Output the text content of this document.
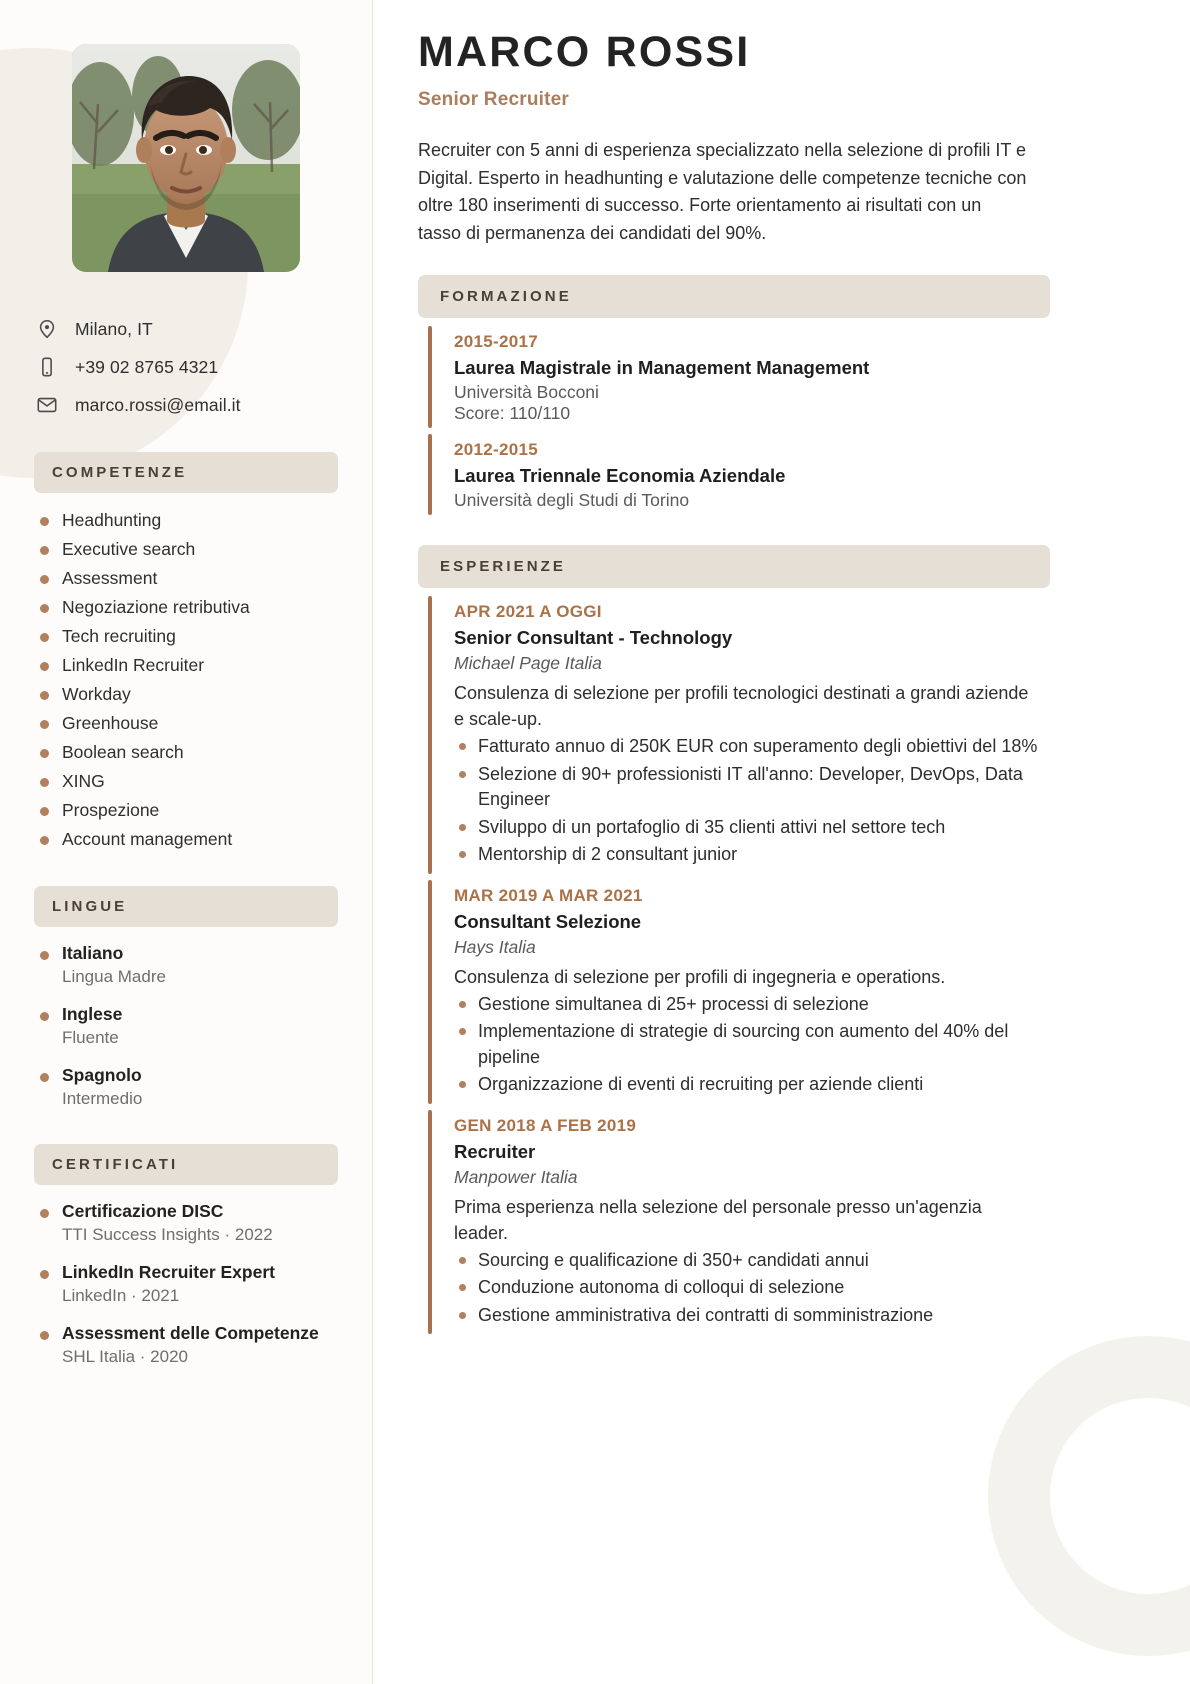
Milano, IT
+39 02 8765 4321
marco.rossi@email.it
COMPETENZE
Headhunting
Executive search
Assessment
Negoziazione retributiva
Tech recruiting
LinkedIn Recruiter
Workday
Greenhouse
Boolean search
XING
Prospezione
Account management
LINGUE
Italiano
Lingua Madre
Inglese
Fluente
Spagnolo
Intermedio
CERTIFICATI
Certificazione DISC
TTI Success Insights · 2022
LinkedIn Recruiter Expert
LinkedIn · 2021
Assessment delle Competenze
SHL Italia · 2020
MARCO ROSSI
Senior Recruiter

Recruiter con 5 anni di esperienza specializzato nella selezione di profili IT e Digital. Esperto in headhunting e valutazione delle competenze tecniche con oltre 180 inserimenti di successo. Forte orientamento ai risultati con un tasso di permanenza dei candidati del 90%.

FORMAZIONE
2015-2017
Laurea Magistrale in Management Management
Università Bocconi
Score: 110/110
2012-2015
Laurea Triennale Economia Aziendale
Università degli Studi di Torino
ESPERIENZE
APR 2021 A OGGI
Senior Consultant - Technology
Michael Page Italia
Consulenza di selezione per profili tecnologici destinati a grandi aziende e scale-up.
Fatturato annuo di 250K EUR con superamento degli obiettivi del 18%
Selezione di 90+ professionisti IT all'anno: Developer, DevOps, Data Engineer
Sviluppo di un portafoglio di 35 clienti attivi nel settore tech
Mentorship di 2 consultant junior
MAR 2019 A MAR 2021
Consultant Selezione
Hays Italia
Consulenza di selezione per profili di ingegneria e operations.
Gestione simultanea di 25+ processi di selezione
Implementazione di strategie di sourcing con aumento del 40% del pipeline
Organizzazione di eventi di recruiting per aziende clienti
GEN 2018 A FEB 2019
Recruiter
Manpower Italia
Prima esperienza nella selezione del personale presso un'agenzia leader.
Sourcing e qualificazione di 350+ candidati annui
Conduzione autonoma di colloqui di selezione
Gestione amministrativa dei contratti di somministrazione
